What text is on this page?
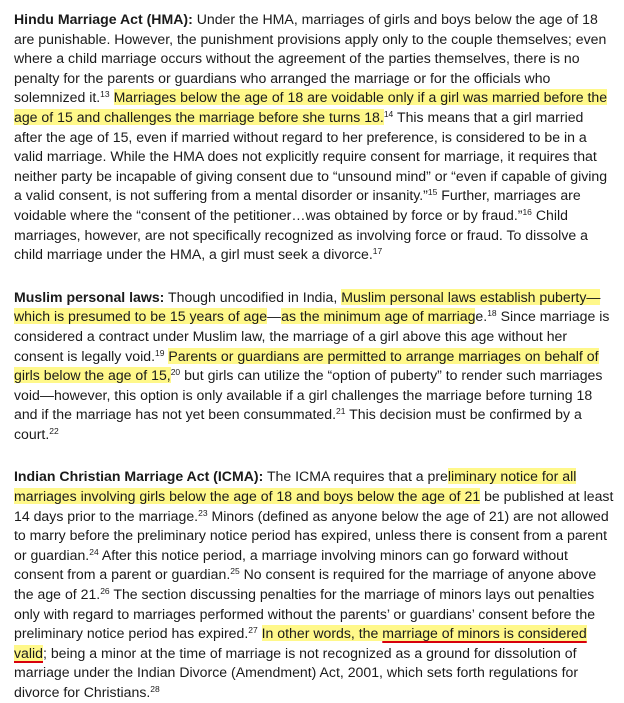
Hindu Marriage Act (HMA): Under the HMA, marriages of girls and boys below the age of 18 are punishable. However, the punishment provisions apply only to the couple themselves; even where a child marriage occurs without the agreement of the parties themselves, there is no penalty for the parents or guardians who arranged the marriage or for the officials who solemnized it.$^{13}$ Marriages below the age of 18 are voidable only if a girl was married before the age of 15 and challenges the marriage before she turns 18.14 This means that a girl married after the age of 15, even if married without regard to her preference, is considered to be in a valid marriage. While the HMA does not explicitly require consent for marriage, it requires that neither party be incapable of giving consent due to “unsound mind” or “even if capable of giving a valid consent, is not suffering from a mental disorder or insanity.”$^{15}$ Further, marriages are voidable where the “consent of the petitioner…was obtained by force or by fraud.”$^{16}$ Child marriages, however, are not specifically recognized as involving force or fraud. To dissolve a child marriage under the HMA, a girl must seek a divorce.$^{17}$

Muslim personal laws: Though uncodified in India, Muslim personal laws establish puberty—which is presumed to be 15 years of age—as the minimum age of marriage.$^{18}$ Since marriage is considered a contract under Muslim law, the marriage of a girl above this age without her consent is legally void.$^{19}$ Parents or guardians are permitted to arrange marriages on behalf of girls below the age of 15,20 but girls can utilize the “option of puberty” to render such marriages void—however, this option is only available if a girl challenges the marriage before turning 18 and if the marriage has not yet been consummated.$^{21}$ This decision must be confirmed by a court.$^{22}$

Indian Christian Marriage Act (ICMA): The ICMA requires that a preliminary notice for all marriages involving girls below the age of 18 and boys below the age of 21 be published at least 14 days prior to the marriage.$^{23}$ Minors (defined as anyone below the age of 21) are not allowed to marry before the preliminary notice period has expired, unless there is consent from a parent or guardian.$^{24}$ After this notice period, a marriage involving minors can go forward without consent from a parent or guardian.$^{25}$ No consent is required for the marriage of anyone above the age of 21.26 The section discussing penalties for the marriage of minors lays out penalties only with regard to marriages performed without the parents’ or guardians’ consent before the preliminary notice period has expired.$^{27}$ In other words, the marriage of minors is considered valid; being a minor at the time of marriage is not recognized as a ground for dissolution of marriage under the Indian Divorce (Amendment) Act, 2001, which sets forth regulations for divorce for Christians.$^{28}$
